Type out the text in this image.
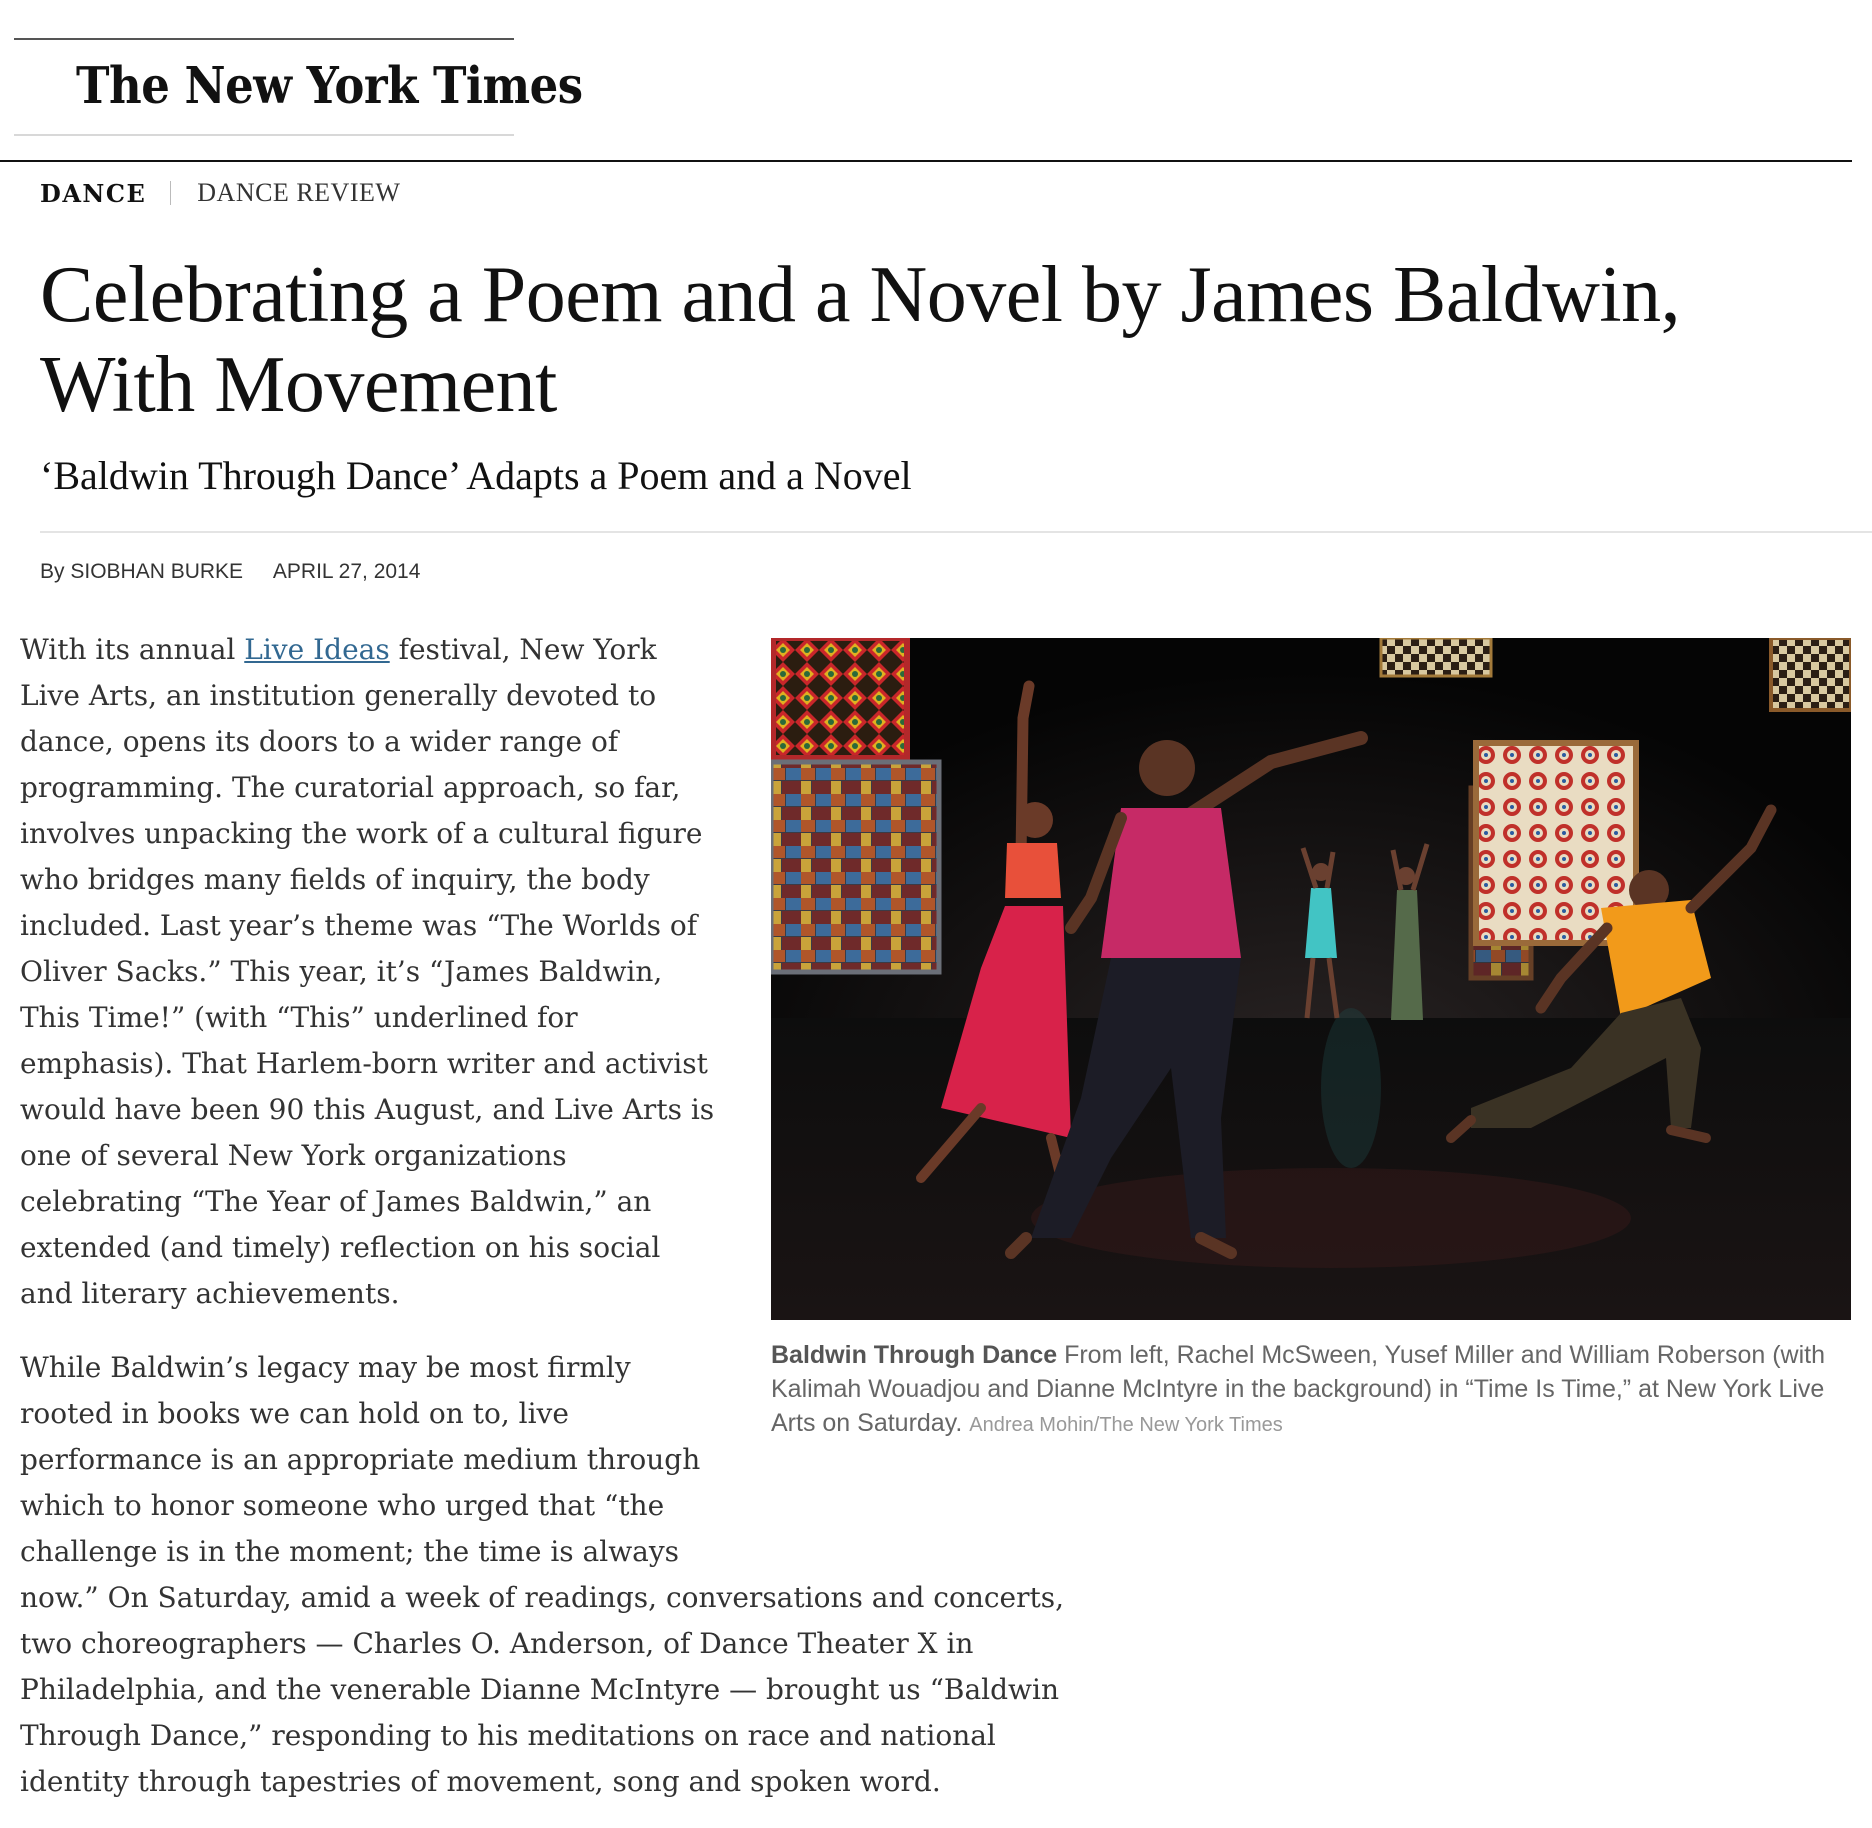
The New York Times

DANCE DANCE REVIEW
Celebrating a Poem and a Novel by James Baldwin, With Movement
‘Baldwin Through Dance’ Adapts a Poem and a Novel
By SIOBHAN BURKE APRIL 27, 2014

With its annual Live Ideas festival, New York Live Arts, an institution generally devoted to dance, opens its doors to a wider range of programming. The curatorial approach, so far, involves unpacking the work of a cultural figure who bridges many fields of inquiry, the body included. Last year’s theme was “The Worlds of Oliver Sacks.” This year, it’s “James Baldwin, This Time!” (with “This” underlined for emphasis). That Harlem-born writer and activist would have been 90 this August, and Live Arts is one of several New York organizations celebrating “The Year of James Baldwin,” an extended (and timely) reflection on his social and literary achievements.

While Baldwin’s legacy may be most firmly rooted in books we can hold on to, live performance is an appropriate medium through which to honor someone who urged that “the challenge is in the moment; the time is always

now.” On Saturday, amid a week of readings, conversations and concerts, two choreographers — Charles O. Anderson, of Dance Theater X in Philadelphia, and the venerable Dianne McIntyre — brought us “Baldwin Through Dance,” responding to his meditations on race and national identity through tapestries of movement, song and spoken word.

Baldwin Through Dance From left, Rachel McSween, Yusef Miller and William Roberson (with Kalimah Wouadjou and Dianne McIntyre in the background) in “Time Is Time,” at New York Live Arts on Saturday. Andrea Mohin/The New York Times
